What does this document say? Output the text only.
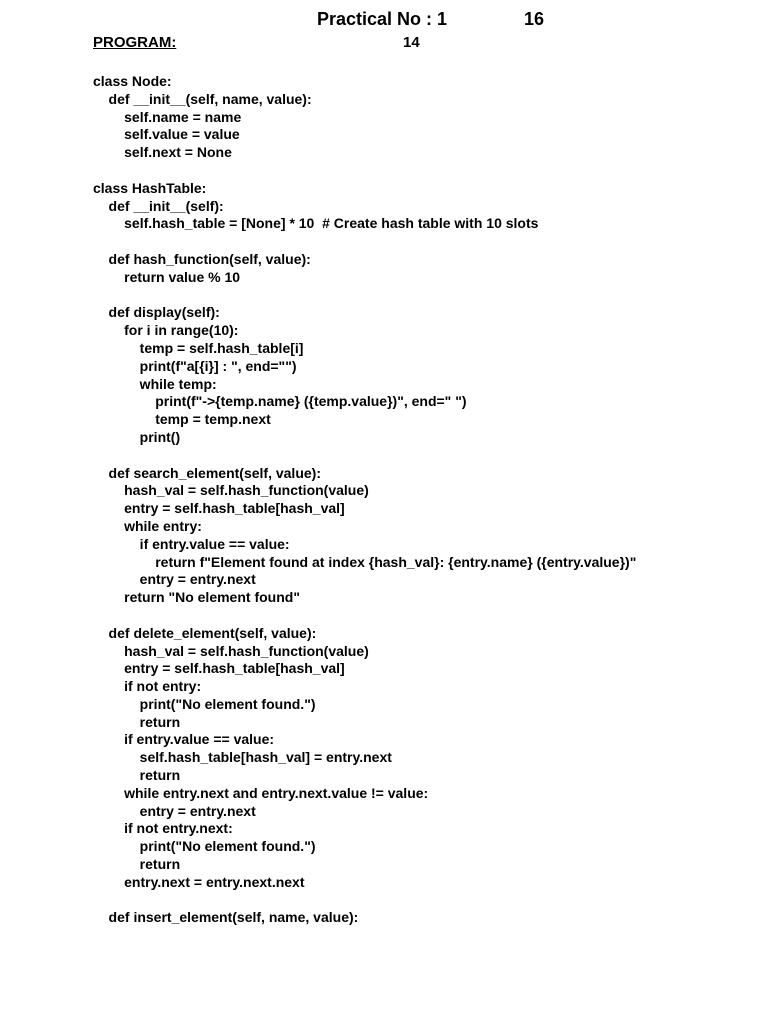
Practical No : 1	16
PROGRAM:	14
class Node:
def __init__(self, name, value):
self.name = name
self.value = value
self.next = None
class HashTable:
def __init__(self):
self.hash_table = [None] * 10  # Create hash table with 10 slots
def hash_function(self, value):
return value % 10
def display(self):
for i in range(10):
temp = self.hash_table[i]
print(f"a[{i}] : ", end="")
while temp:
print(f"->{temp.name} ({temp.value})", end=" ")
temp = temp.next
print()
def search_element(self, value):
hash_val = self.hash_function(value)
entry = self.hash_table[hash_val]
while entry:
if entry.value == value:
return f"Element found at index {hash_val}: {entry.name} ({entry.value})"
entry = entry.next
return "No element found"
def delete_element(self, value):
hash_val = self.hash_function(value)
entry = self.hash_table[hash_val]
if not entry:
print("No element found.")
return
if entry.value == value:
self.hash_table[hash_val] = entry.next
return
while entry.next and entry.next.value != value:
entry = entry.next
if not entry.next:
print("No element found.")
return
entry.next = entry.next.next
def insert_element(self, name, value):
